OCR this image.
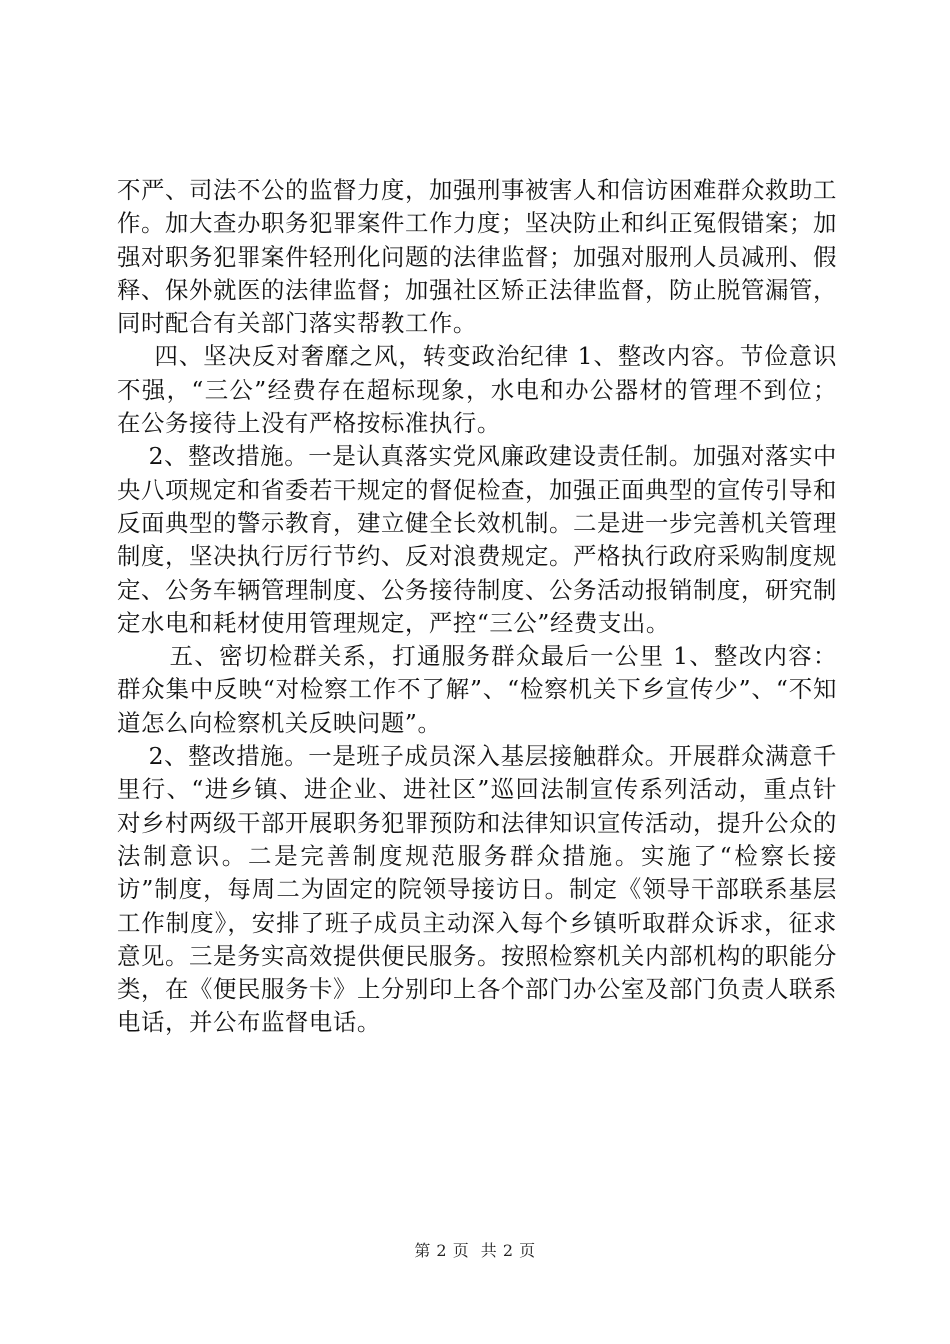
不严、司法不公的监督力度，加强刑事被害人和信访困难群众救助工作。加大查办职务犯罪案件工作力度；坚决防止和纠正冤假错案；加强对职务犯罪案件轻刑化问题的法律监督；加强对服刑人员减刑、假释、保外就医的法律监督；加强社区矫正法律监督，防止脱管漏管，同时配合有关部门落实帮教工作。

四、坚决反对奢靡之风，转变政治纪律 1、整改内容。节俭意识不强，“三公”经费存在超标现象，水电和办公器材的管理不到位；在公务接待上没有严格按标准执行。

2、整改措施。一是认真落实党风廉政建设责任制。加强对落实中央八项规定和省委若干规定的督促检查，加强正面典型的宣传引导和反面典型的警示教育，建立健全长效机制。二是进一步完善机关管理制度，坚决执行厉行节约、反对浪费规定。严格执行政府采购制度规定、公务车辆管理制度、公务接待制度、公务活动报销制度，研究制定水电和耗材使用管理规定，严控“三公”经费支出。

五、密切检群关系，打通服务群众最后一公里 1、整改内容：群众集中反映“对检察工作不了解”、“检察机关下乡宣传少”、“不知道怎么向检察机关反映问题”。

2、整改措施。一是班子成员深入基层接触群众。开展群众满意千里行、“进乡镇、进企业、进社区”巡回法制宣传系列活动，重点针对乡村两级干部开展职务犯罪预防和法律知识宣传活动，提升公众的法制意识。二是完善制度规范服务群众措施。实施了“检察长接访”制度，每周二为固定的院领导接访日。制定《领导干部联系基层工作制度》，安排了班子成员主动深入每个乡镇听取群众诉求，征求意见。三是务实高效提供便民服务。按照检察机关内部机构的职能分类，在《便民服务卡》上分别印上各个部门办公室及部门负责人联系电话，并公布监督电话。

第 2 页 共 2 页
